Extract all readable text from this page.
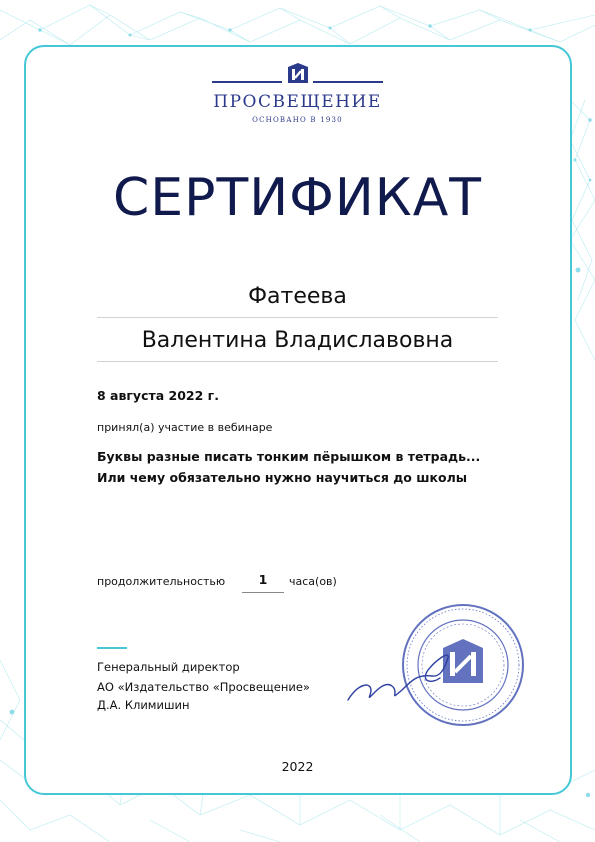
ПРОСВЕЩЕНИЕ
ОСНОВАНО В 1930
СЕРТИФИКАТ
Фатеева
Валентина Владиславовна
8 августа 2022 г.
принял(а) участие в вебинаре
Буквы разные писать тонким пёрышком в тетрадь...
Или чему обязательно нужно научиться до школы
продолжительностью	1	часа(ов)
Генеральный директор
АО «Издательство «Просвещение»
Д.А. Климишин
2022
